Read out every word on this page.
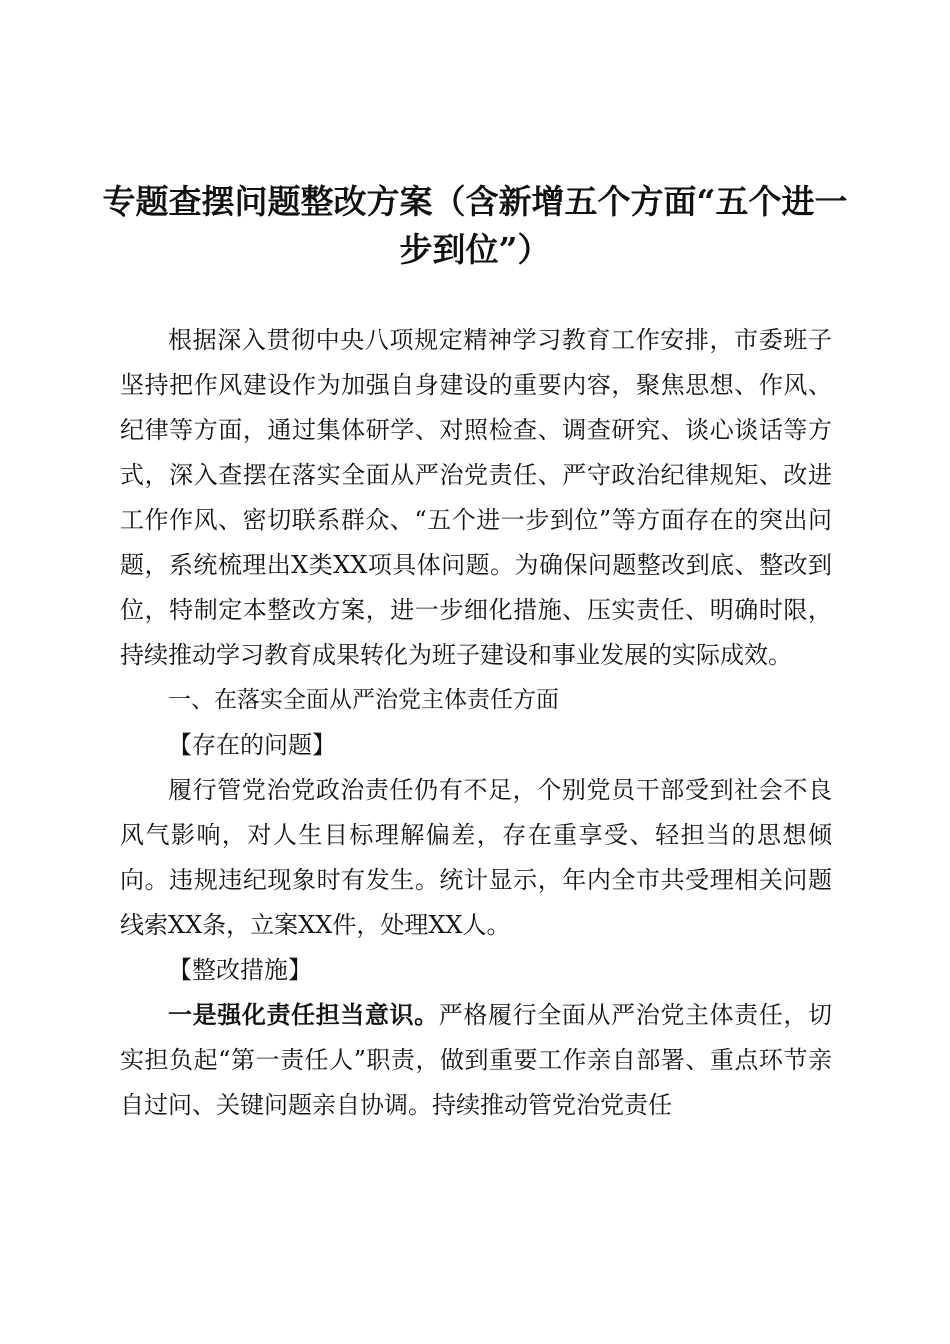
专题查摆问题整改方案（含新增五个方面“五个进一步到位”）

根据深入贯彻中央八项规定精神学习教育工作安排，市委班子坚持把作风建设作为加强自身建设的重要内容，聚焦思想、作风、纪律等方面，通过集体研学、对照检查、调查研究、谈心谈话等方式，深入查摆在落实全面从严治党责任、严守政治纪律规矩、改进工作作风、密切联系群众、“五个进一步到位”等方面存在的突出问题，系统梳理出X类XX项具体问题。为确保问题整改到底、整改到位，特制定本整改方案，进一步细化措施、压实责任、明确时限，持续推动学习教育成果转化为班子建设和事业发展的实际成效。

一、在落实全面从严治党主体责任方面

【存在的问题】

履行管党治党政治责任仍有不足，个别党员干部受到社会不良风气影响，对人生目标理解偏差，存在重享受、轻担当的思想倾向。违规违纪现象时有发生。统计显示，年内全市共受理相关问题线索XX条，立案XX件，处理XX人。

【整改措施】

一是强化责任担当意识。严格履行全面从严治党主体责任，切实担负起“第一责任人”职责，做到重要工作亲自部署、重点环节亲自过问、关键问题亲自协调。持续推动管党治党责任
